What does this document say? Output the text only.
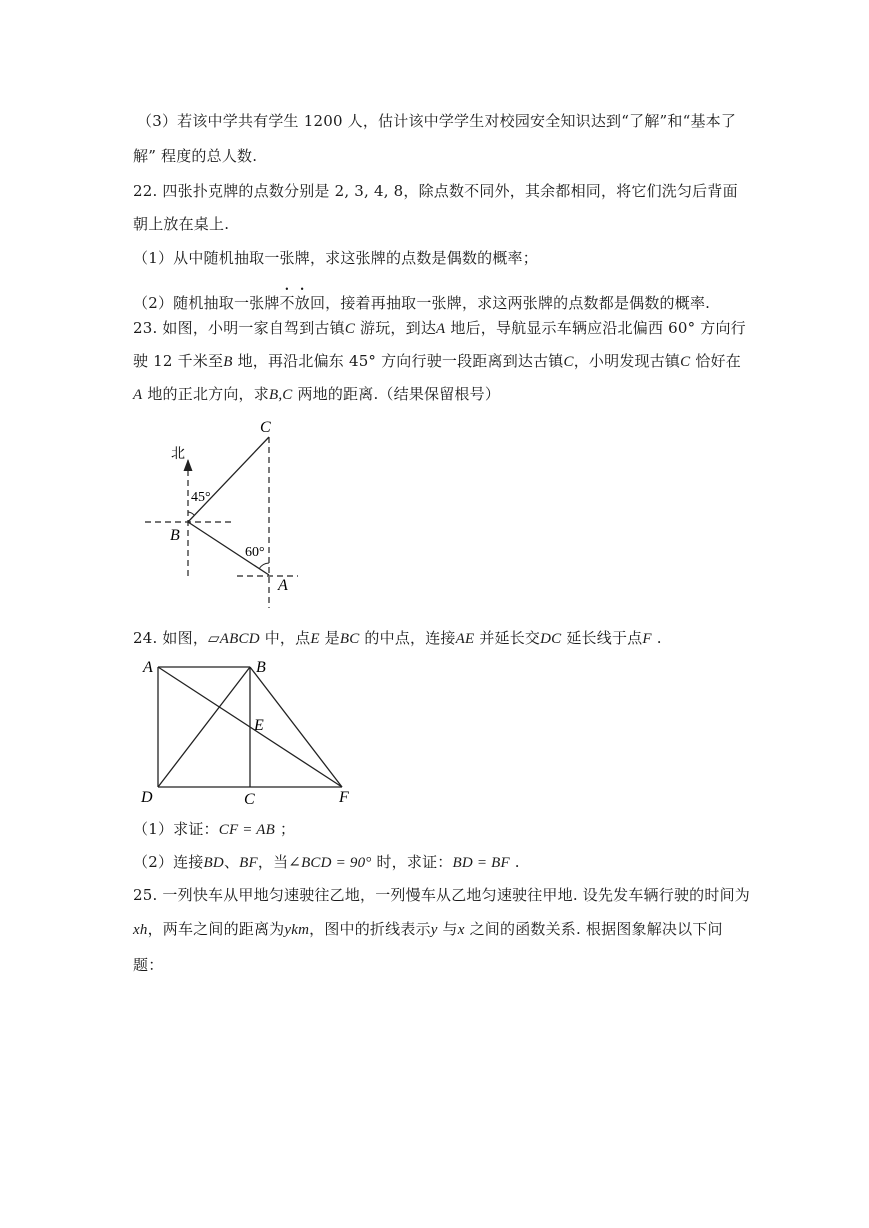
（3）若该中学共有学生 1200 人，估计该中学学生对校园安全知识达到“了解”和“基本了

解” 程度的总人数.

22. 四张扑克牌的点数分别是 2, 3, 4, 8，除点数不同外，其余都相同，将它们洗匀后背面

朝上放在桌上.

（1）从中随机抽取一张牌，求这张牌的点数是偶数的概率；

（2）随机抽取一张牌不放回，接着再抽取一张牌，求这两张牌的点数都是偶数的概率.

23. 如图，小明一家自驾到古镇C 游玩，到达A 地后，导航显示车辆应沿北偏西 60° 方向行

驶 12 千米至B 地，再沿北偏东 45° 方向行驶一段距离到达古镇C，小明发现古镇C 恰好在

A 地的正北方向，求B,C 两地的距离.（结果保留根号）

北
45°
60°
C
B
A

24. 如图，▱ABCD 中，点E 是BC 的中点，连接AE 并延长交DC 延长线于点F .

A	B
E
D	C	F

（1）求证：CF = AB ；

（2）连接BD、BF，当∠BCD = 90° 时，求证：BD = BF .

25. 一列快车从甲地匀速驶往乙地，一列慢车从乙地匀速驶往甲地. 设先发车辆行驶的时间为

xh，两车之间的距离为ykm，图中的折线表示y 与x 之间的函数关系. 根据图象解决以下问

题：
